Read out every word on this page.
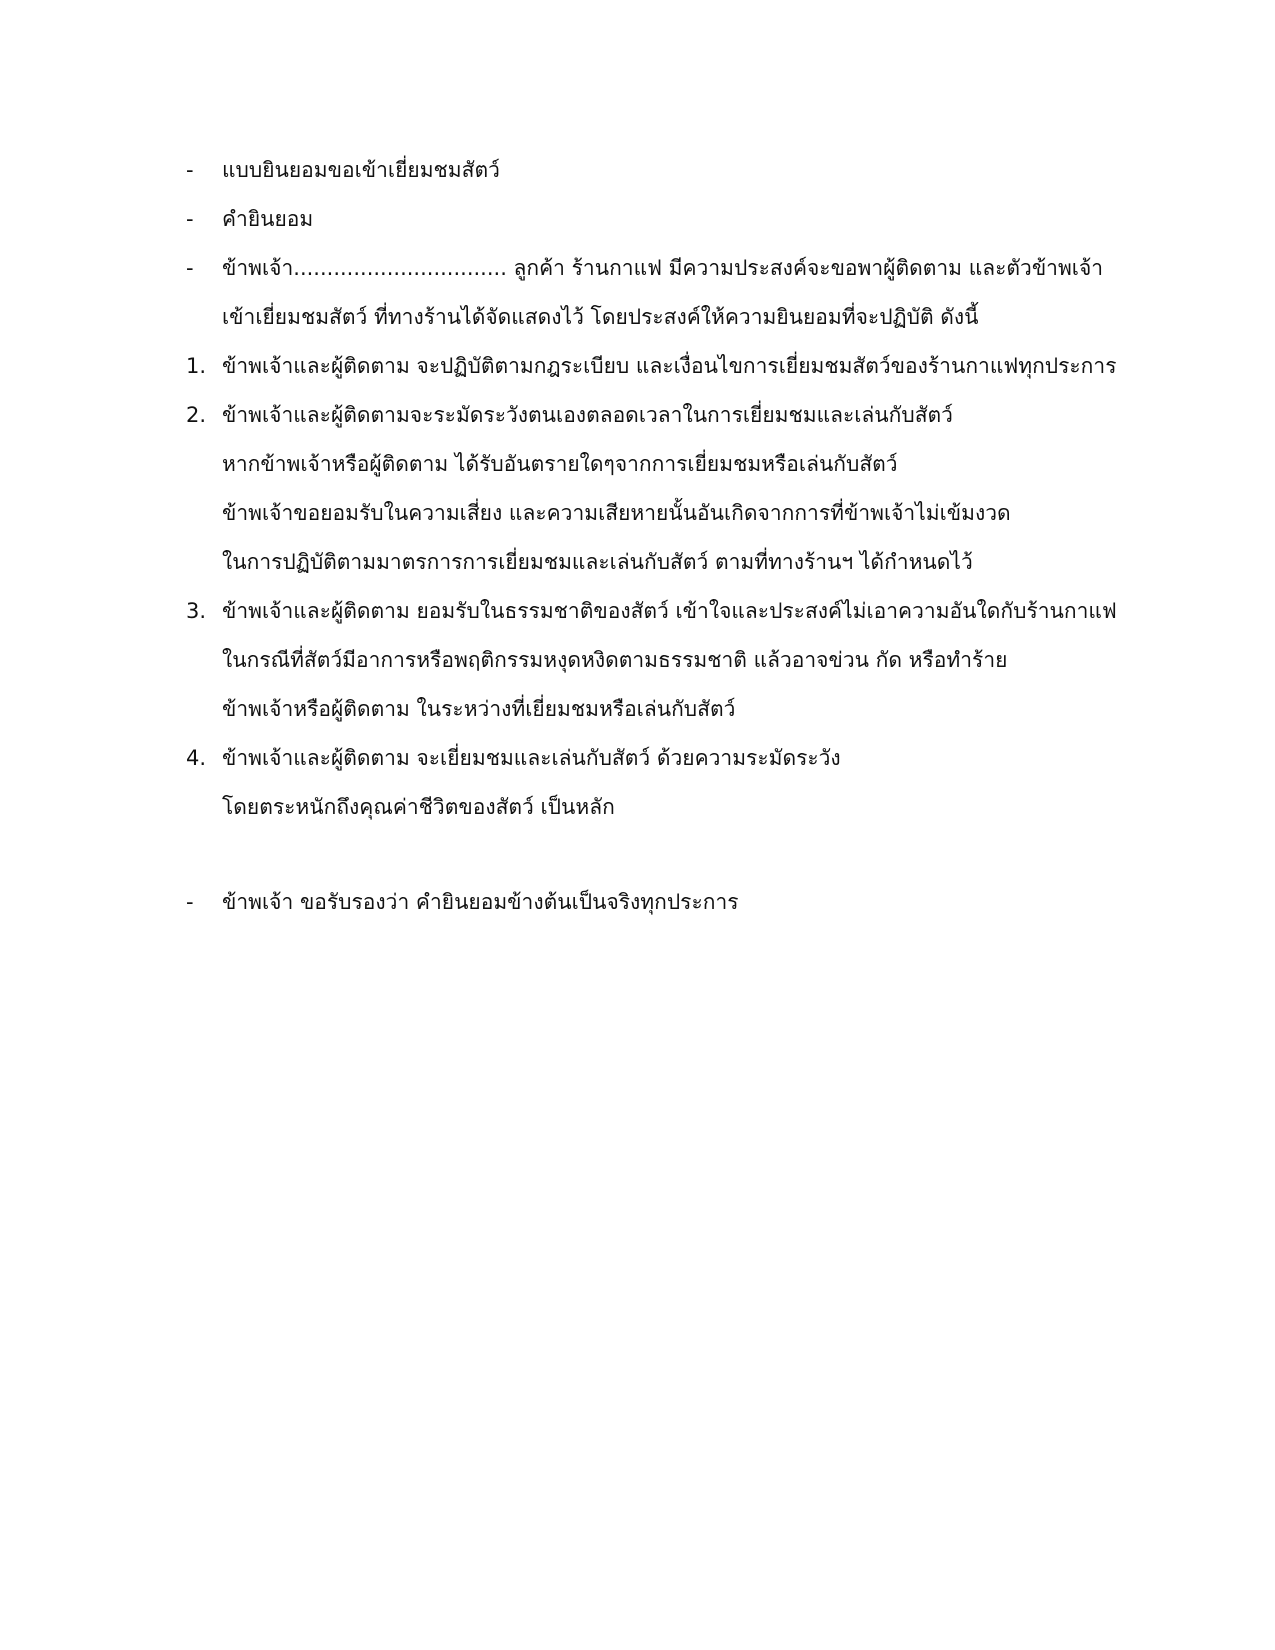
-	แบบยินยอมขอเข้าเยี่ยมชมสัตว์
-	คำยินยอม
-	ข้าพเจ้า................................ ลูกค้า ร้านกาแฟ มีความประสงค์จะขอพาผู้ติดตาม และตัวข้าพเจ้า
เข้าเยี่ยมชมสัตว์ ที่ทางร้านได้จัดแสดงไว้ โดยประสงค์ให้ความยินยอมที่จะปฏิบัติ ดังนี้
1. ข้าพเจ้าและผู้ติดตาม จะปฏิบัติตามกฎระเบียบ และเงื่อนไขการเยี่ยมชมสัตว์ของร้านกาแฟทุกประการ
2. ข้าพเจ้าและผู้ติดตามจะระมัดระวังตนเองตลอดเวลาในการเยี่ยมชมและเล่นกับสัตว์
หากข้าพเจ้าหรือผู้ติดตาม ได้รับอันตรายใดๆจากการเยี่ยมชมหรือเล่นกับสัตว์
ข้าพเจ้าขอยอมรับในความเสี่ยง และความเสียหายนั้นอันเกิดจากการที่ข้าพเจ้าไม่เข้มงวด
ในการปฏิบัติตามมาตรการการเยี่ยมชมและเล่นกับสัตว์ ตามที่ทางร้านฯ ได้กำหนดไว้
3. ข้าพเจ้าและผู้ติดตาม ยอมรับในธรรมชาติของสัตว์ เข้าใจและประสงค์ไม่เอาความอันใดกับร้านกาแฟ
ในกรณีที่สัตว์มีอาการหรือพฤติกรรมหงุดหงิดตามธรรมชาติ แล้วอาจข่วน กัด หรือทำร้าย
ข้าพเจ้าหรือผู้ติดตาม ในระหว่างที่เยี่ยมชมหรือเล่นกับสัตว์
4. ข้าพเจ้าและผู้ติดตาม จะเยี่ยมชมและเล่นกับสัตว์ ด้วยความระมัดระวัง
โดยตระหนักถึงคุณค่าชีวิตของสัตว์ เป็นหลัก
-	ข้าพเจ้า ขอรับรองว่า คำยินยอมข้างต้นเป็นจริงทุกประการ
